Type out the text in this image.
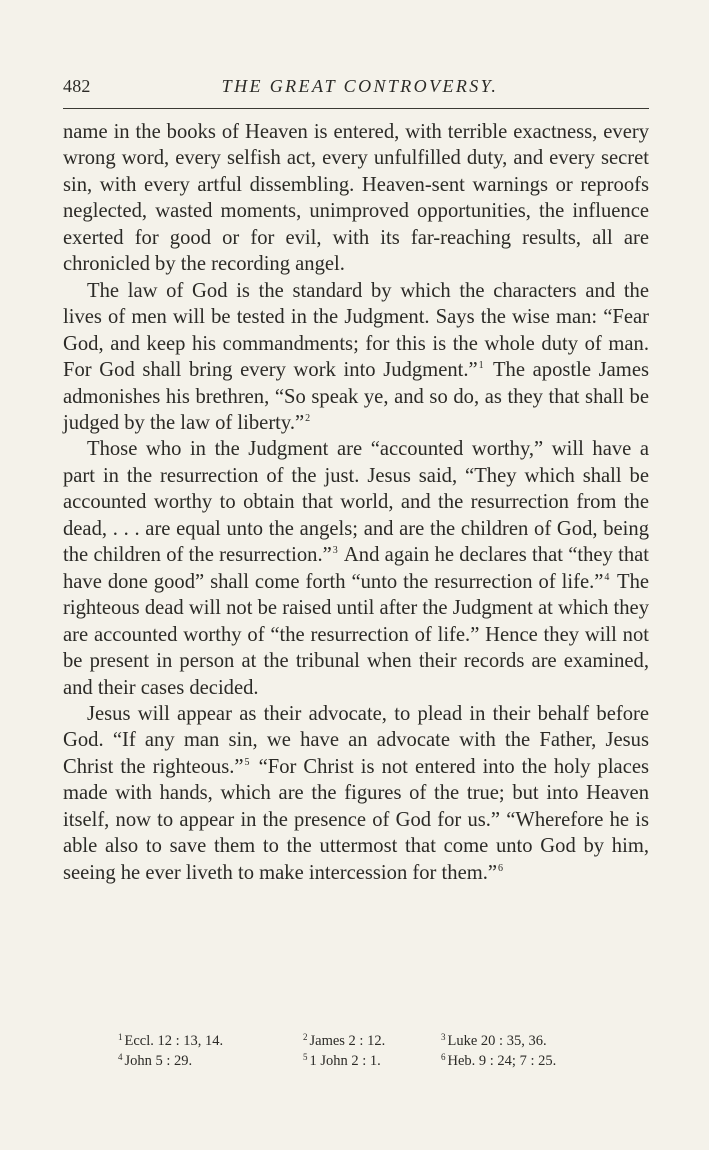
482	THE GREAT CONTROVERSY.

name in the books of Heaven is entered, with terrible exactness, every wrong word, every selfish act, every unfulfilled duty, and every secret sin, with every artful dissembling. Heaven-sent warnings or reproofs neglected, wasted moments, unimproved opportunities, the influence exerted for good or for evil, with its far-reaching results, all are chronicled by the recording angel.

The law of God is the standard by which the characters and the lives of men will be tested in the Judgment. Says the wise man: “Fear God, and keep his commandments; for this is the whole duty of man. For God shall bring every work into Judgment.”$^1$ The apostle James admonishes his brethren, “So speak ye, and so do, as they that shall be judged by the law of liberty.”$^2$

Those who in the Judgment are “accounted worthy,” will have a part in the resurrection of the just. Jesus said, “They which shall be accounted worthy to obtain that world, and the resurrection from the dead, . . . are equal unto the angels; and are the children of God, being the children of the resurrection.”$^3$ And again he declares that “they that have done good” shall come forth “unto the resurrection of life.”$^4$ The righteous dead will not be raised until after the Judgment at which they are accounted worthy of “the resurrection of life.” Hence they will not be present in person at the tribunal when their records are examined, and their cases decided.

Jesus will appear as their advocate, to plead in their behalf before God. “If any man sin, we have an advocate with the Father, Jesus Christ the righteous.”$^5$ “For Christ is not entered into the holy places made with hands, which are the figures of the true; but into Heaven itself, now to appear in the presence of God for us.” “Wherefore he is able also to save them to the uttermost that come unto God by him, seeing he ever liveth to make intercession for them.”$^6$

$^1$ Eccl. 12 : 13, 14.	$^2$ James 2 : 12.	$^3$ Luke 20 : 35, 36.
$^4$ John 5 : 29.	$^5$ 1 John 2 : 1.	$^6$ Heb. 9 : 24; 7 : 25.
